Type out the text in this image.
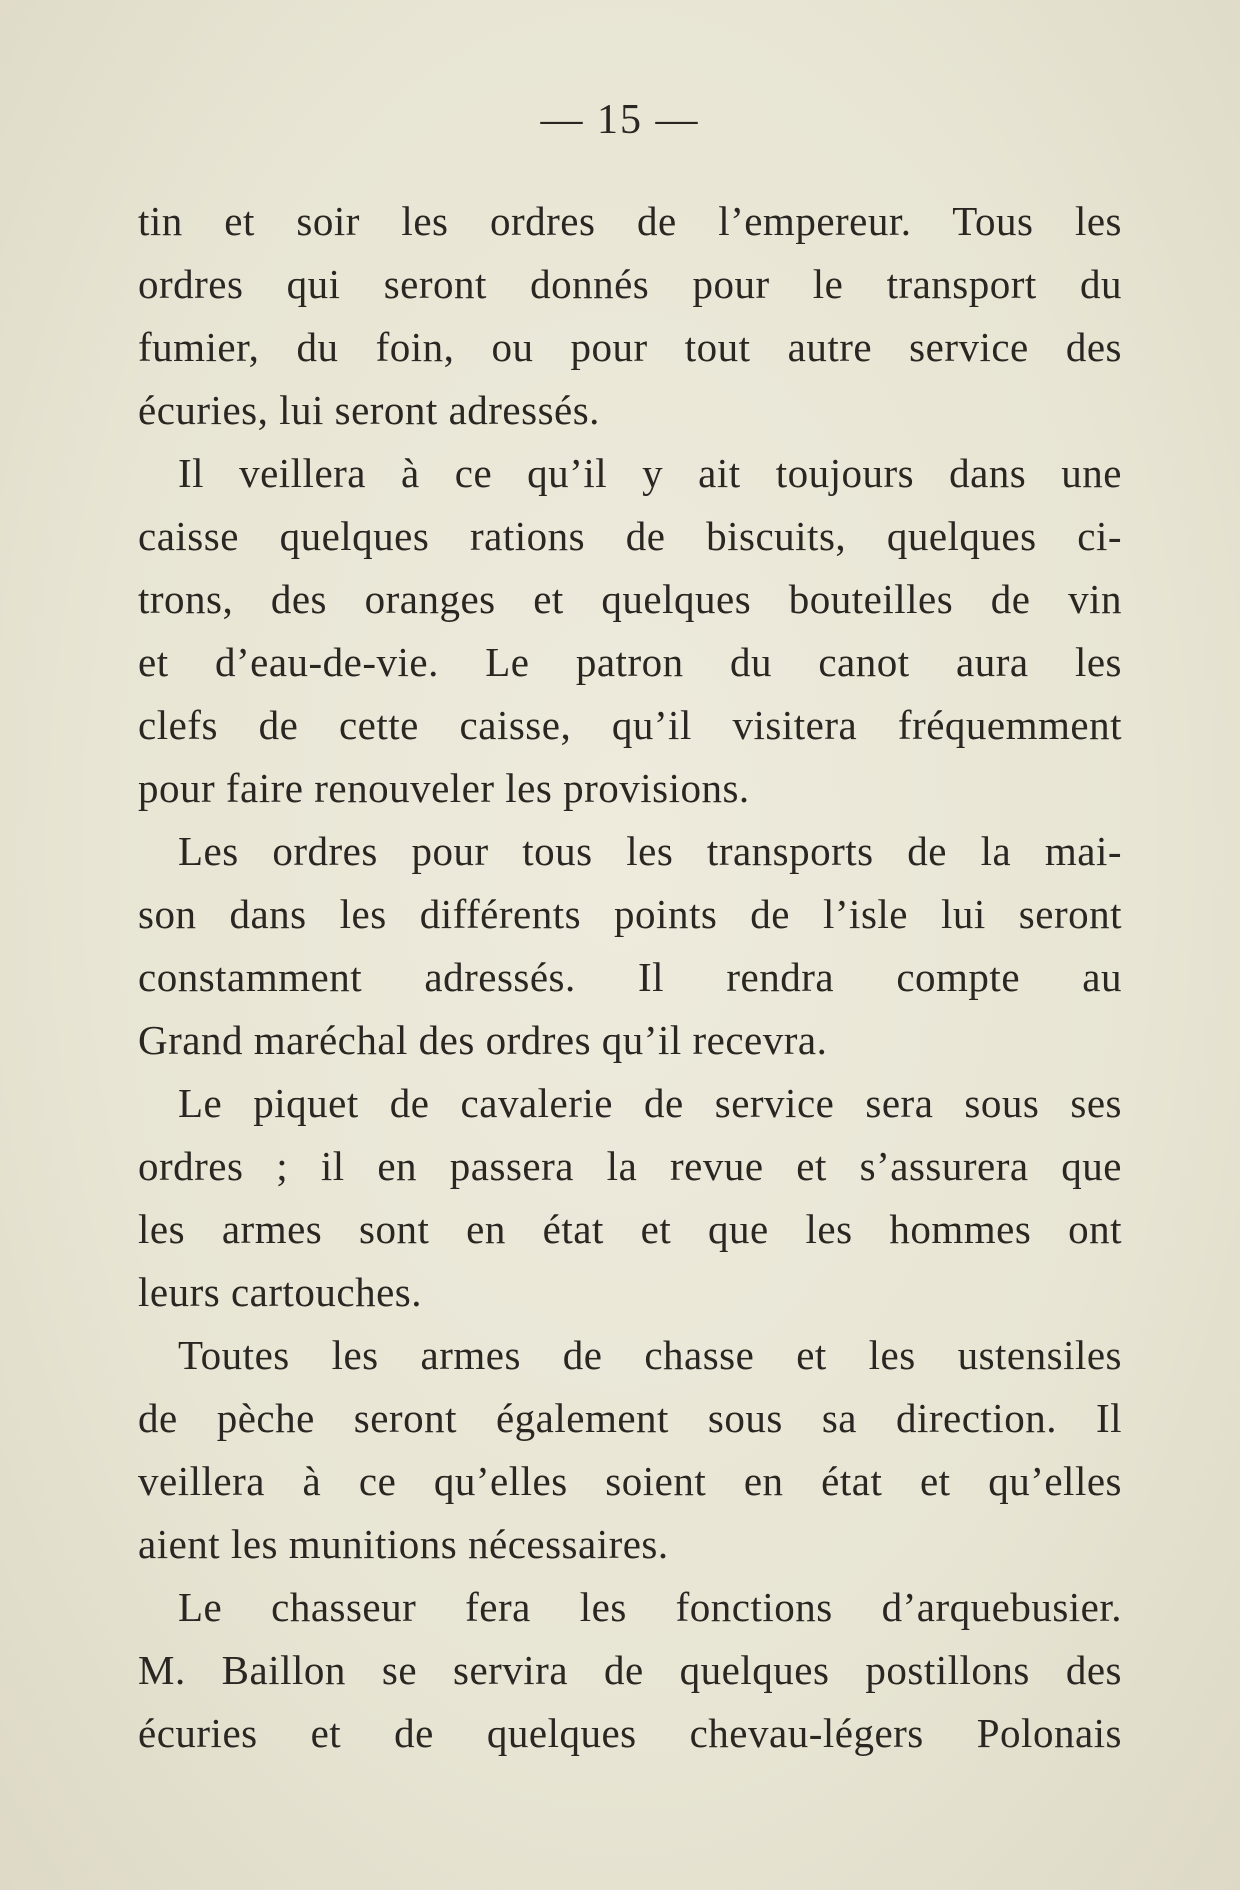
— 15 —
tin et soir les ordres de l’empereur. Tous les
ordres qui seront donnés pour le transport du
fumier, du foin, ou pour tout autre service des
écuries, lui seront adressés.
Il veillera à ce qu’il y ait toujours dans une
caisse quelques rations de biscuits, quelques ci-
trons, des oranges et quelques bouteilles de vin
et d’eau-de-vie. Le patron du canot aura les
clefs de cette caisse, qu’il visitera fréquemment
pour faire renouveler les provisions.
Les ordres pour tous les transports de la mai-
son dans les différents points de l’isle lui seront
constamment adressés. Il rendra compte au
Grand maréchal des ordres qu’il recevra.
Le piquet de cavalerie de service sera sous ses
ordres ; il en passera la revue et s’assurera que
les armes sont en état et que les hommes ont
leurs cartouches.
Toutes les armes de chasse et les ustensiles
de pèche seront également sous sa direction. Il
veillera à ce qu’elles soient en état et qu’elles
aient les munitions nécessaires.
Le chasseur fera les fonctions d’arquebusier.
M. Baillon se servira de quelques postillons des
écuries et de quelques chevau-légers Polonais
